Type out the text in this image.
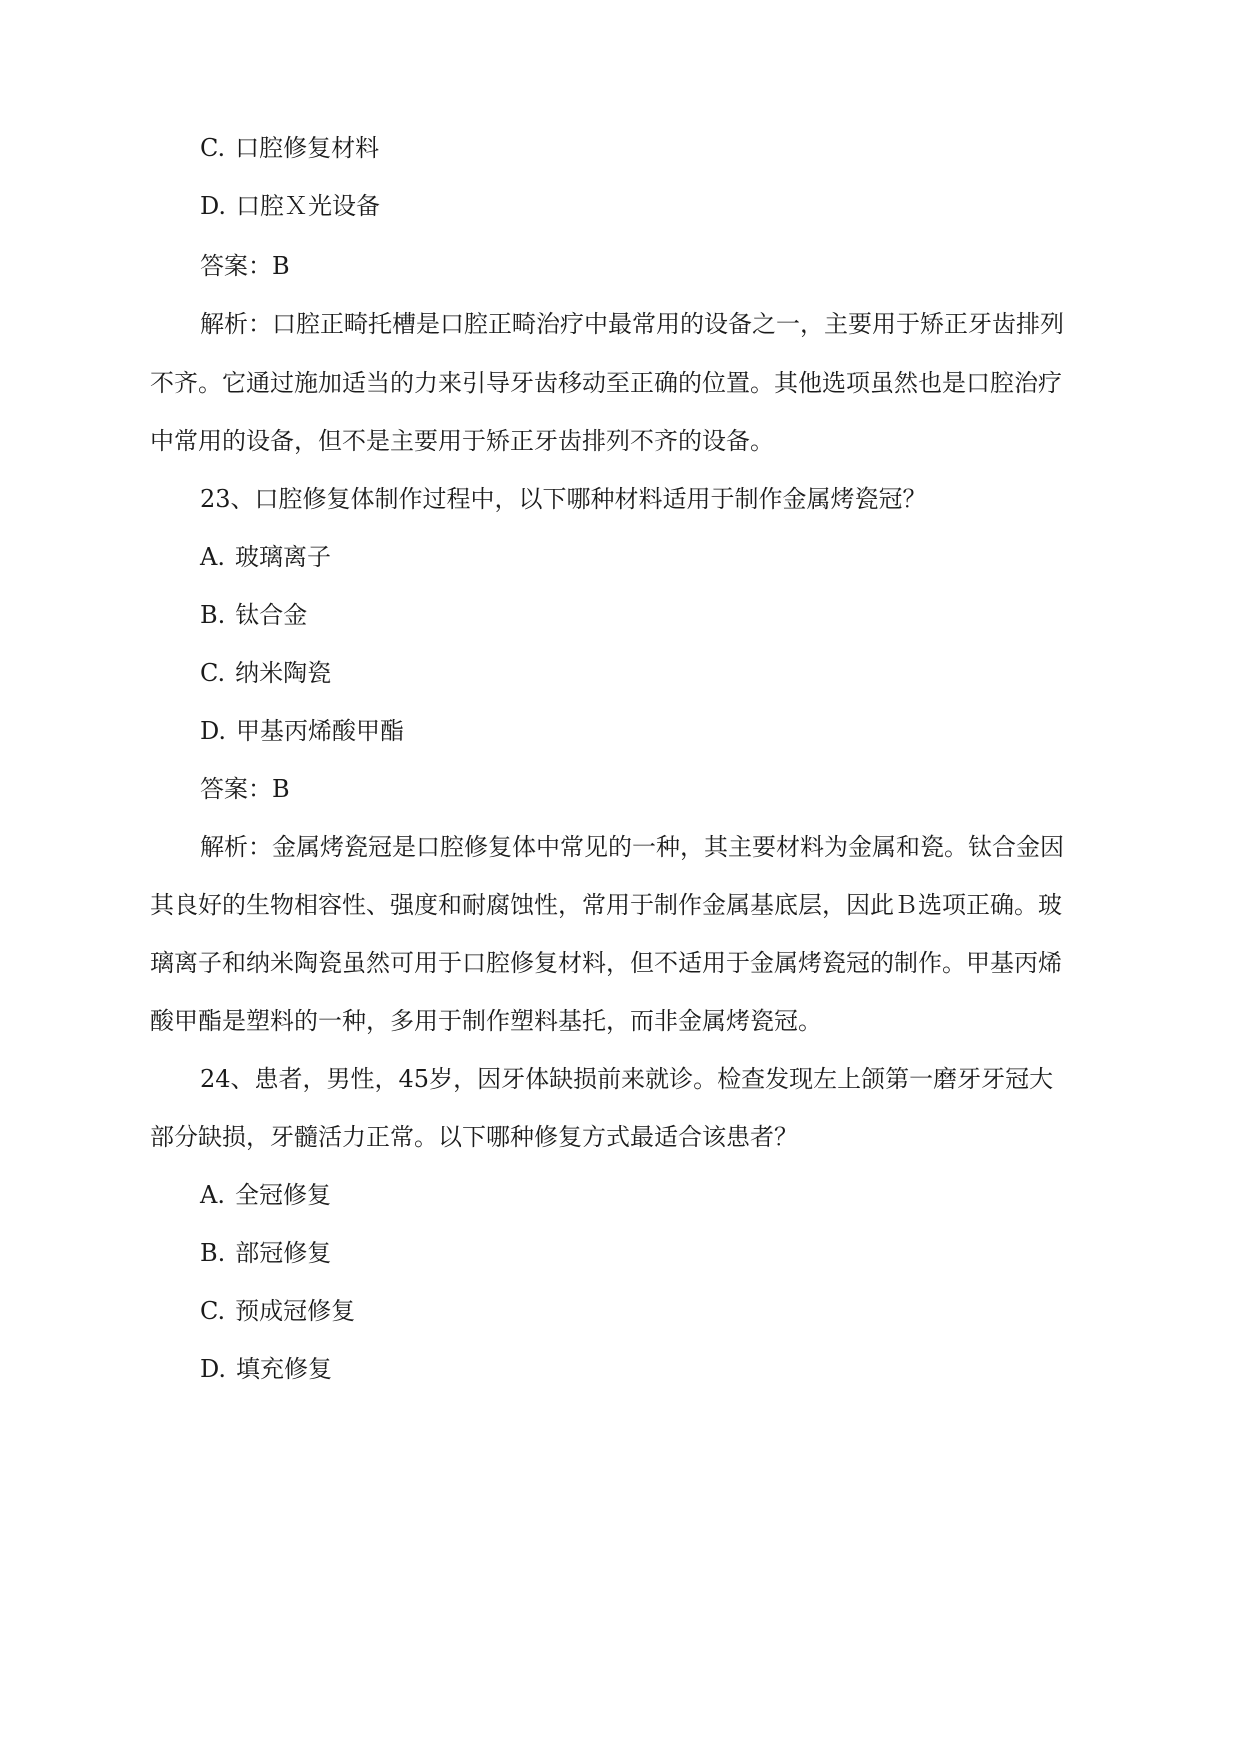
C. 口腔修复材料
D. 口腔Ｘ光设备
答案：B
解析：口腔正畸托槽是口腔正畸治疗中最常用的设备之一，主要用于矫正牙齿排列
不齐。它通过施加适当的力来引导牙齿移动至正确的位置。其他选项虽然也是口腔治疗
中常用的设备，但不是主要用于矫正牙齿排列不齐的设备。
23、口腔修复体制作过程中，以下哪种材料适用于制作金属烤瓷冠？
A. 玻璃离子
B. 钛合金
C. 纳米陶瓷
D. 甲基丙烯酸甲酯
答案：B
解析：金属烤瓷冠是口腔修复体中常见的一种，其主要材料为金属和瓷。钛合金因
其良好的生物相容性、强度和耐腐蚀性，常用于制作金属基底层，因此Ｂ选项正确。玻
璃离子和纳米陶瓷虽然可用于口腔修复材料，但不适用于金属烤瓷冠的制作。甲基丙烯
酸甲酯是塑料的一种，多用于制作塑料基托，而非金属烤瓷冠。
24、患者，男性，45岁，因牙体缺损前来就诊。检查发现左上颌第一磨牙牙冠大
部分缺损，牙髓活力正常。以下哪种修复方式最适合该患者？
A. 全冠修复
B. 部冠修复
C. 预成冠修复
D. 填充修复
